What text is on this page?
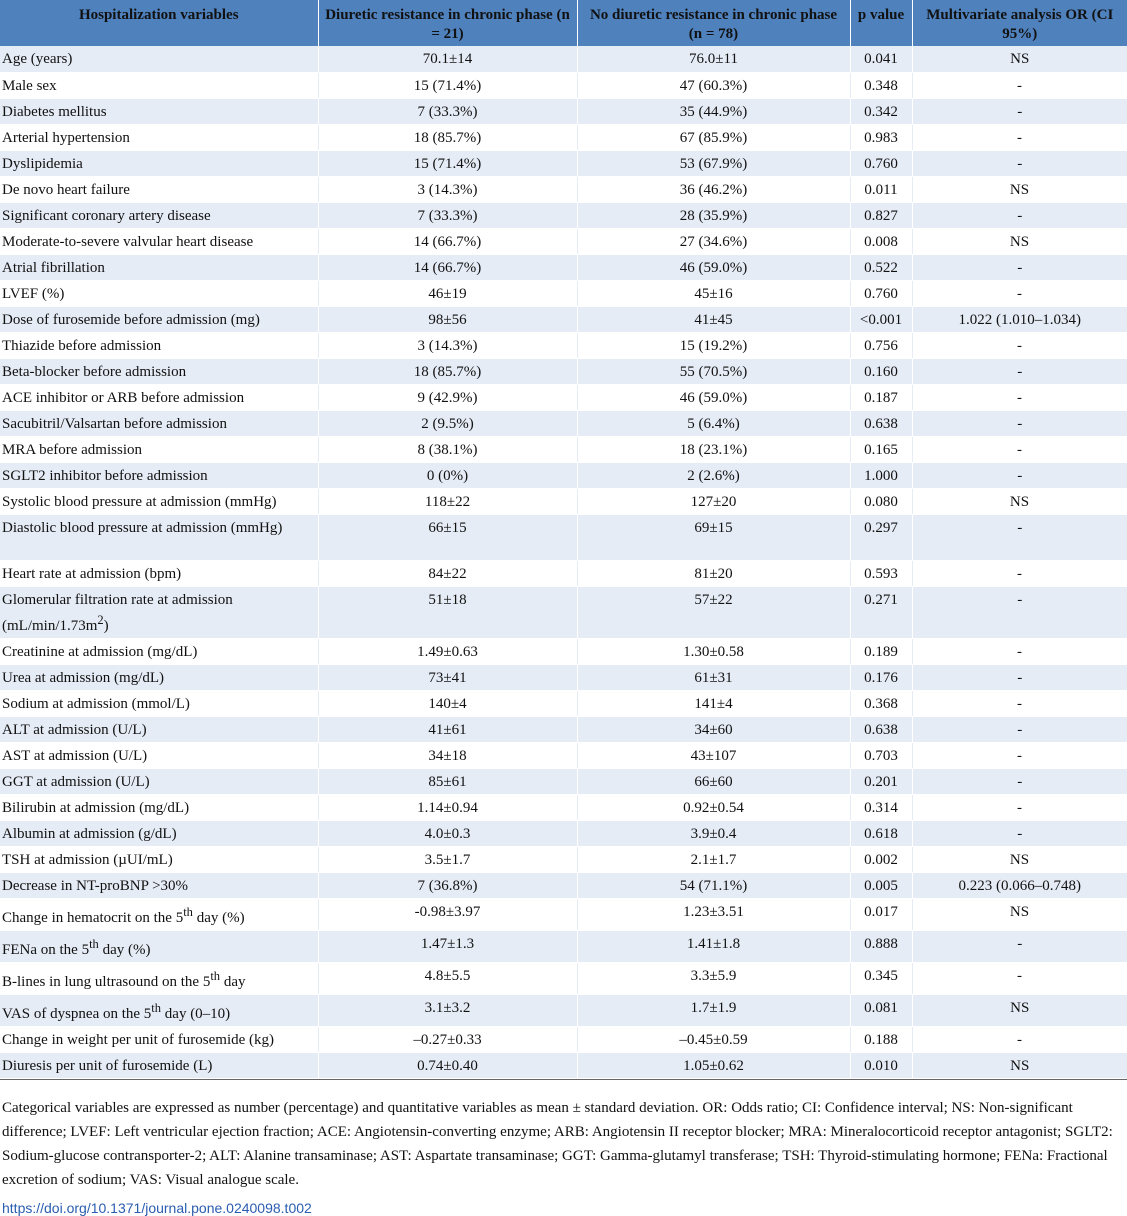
Hospitalization variables	Diuretic resistance in chronic phase (n = 21)	No diuretic resistance in chronic phase (n = 78)	p value	Multivariate analysis OR (CI 95%)
Age (years)	70.1±14	76.0±11	0.041	NS
Male sex	15 (71.4%)	47 (60.3%)	0.348	-
Diabetes mellitus	7 (33.3%)	35 (44.9%)	0.342	-
Arterial hypertension	18 (85.7%)	67 (85.9%)	0.983	-
Dyslipidemia	15 (71.4%)	53 (67.9%)	0.760	-
De novo heart failure	3 (14.3%)	36 (46.2%)	0.011	NS
Significant coronary artery disease	7 (33.3%)	28 (35.9%)	0.827	-
Moderate-to-severe valvular heart disease	14 (66.7%)	27 (34.6%)	0.008	NS
Atrial fibrillation	14 (66.7%)	46 (59.0%)	0.522	-
LVEF (%)	46±19	45±16	0.760	-
Dose of furosemide before admission (mg)	98±56	41±45	<0.001	1.022 (1.010–1.034)
Thiazide before admission	3 (14.3%)	15 (19.2%)	0.756	-
Beta-blocker before admission	18 (85.7%)	55 (70.5%)	0.160	-
ACE inhibitor or ARB before admission	9 (42.9%)	46 (59.0%)	0.187	-
Sacubitril/Valsartan before admission	2 (9.5%)	5 (6.4%)	0.638	-
MRA before admission	8 (38.1%)	18 (23.1%)	0.165	-
SGLT2 inhibitor before admission	0 (0%)	2 (2.6%)	1.000	-
Systolic blood pressure at admission (mmHg)	118±22	127±20	0.080	NS
Diastolic blood pressure at admission (mmHg)	66±15	69±15	0.297	-
Heart rate at admission (bpm)	84±22	81±20	0.593	-
Glomerular filtration rate at admission $(mL/\min/1.73m^2)$	51±18	57±22	0.271	-
Creatinine at admission (mg/dL)	1.49±0.63	1.30±0.58	0.189	-
Urea at admission (mg/dL)	73±41	61±31	0.176	-
Sodium at admission (mmol/L)	140±4	141±4	0.368	-
ALT at admission (U/L)	41±61	34±60	0.638	-
AST at admission (U/L)	34±18	43±107	0.703	-
GGT at admission (U/L)	85±61	66±60	0.201	-
Bilirubin at admission (mg/dL)	1.14±0.94	0.92±0.54	0.314	-
Albumin at admission (g/dL)	4.0±0.3	3.9±0.4	0.618	-
TSH at admission (µUI/mL)	3.5±1.7	2.1±1.7	0.002	NS
Decrease in NT-proBNP >30%	7 (36.8%)	54 (71.1%)	0.005	0.223 (0.066–0.748)
Change in hematocrit on the 5th day (%)	-0.98±3.97	1.23±3.51	0.017	NS
FENa on the 5th day (%)	1.47±1.3	1.41±1.8	0.888	-
B-lines in lung ultrasound on the 5th day	4.8±5.5	3.3±5.9	0.345	-
VAS of dyspnea on the 5th day (0–10)	3.1±3.2	1.7±1.9	0.081	NS
Change in weight per unit of furosemide (kg)	–0.27±0.33	–0.45±0.59	0.188	-
Diuresis per unit of furosemide (L)	0.74±0.40	1.05±0.62	0.010	NS
Categorical variables are expressed as number (percentage) and quantitative variables as mean ± standard deviation. OR: Odds ratio; CI: Confidence interval; NS: Non-significant difference; LVEF: Left ventricular ejection fraction; ACE: Angiotensin-converting enzyme; ARB: Angiotensin II receptor blocker; MRA: Mineralocorticoid receptor antagonist; SGLT2: Sodium-glucose contransporter-2; ALT: Alanine transaminase; AST: Aspartate transaminase; GGT: Gamma-glutamyl transferase; TSH: Thyroid-stimulating hormone; FENa: Fractional excretion of sodium; VAS: Visual analogue scale.
https://doi.org/10.1371/journal.pone.0240098.t002
